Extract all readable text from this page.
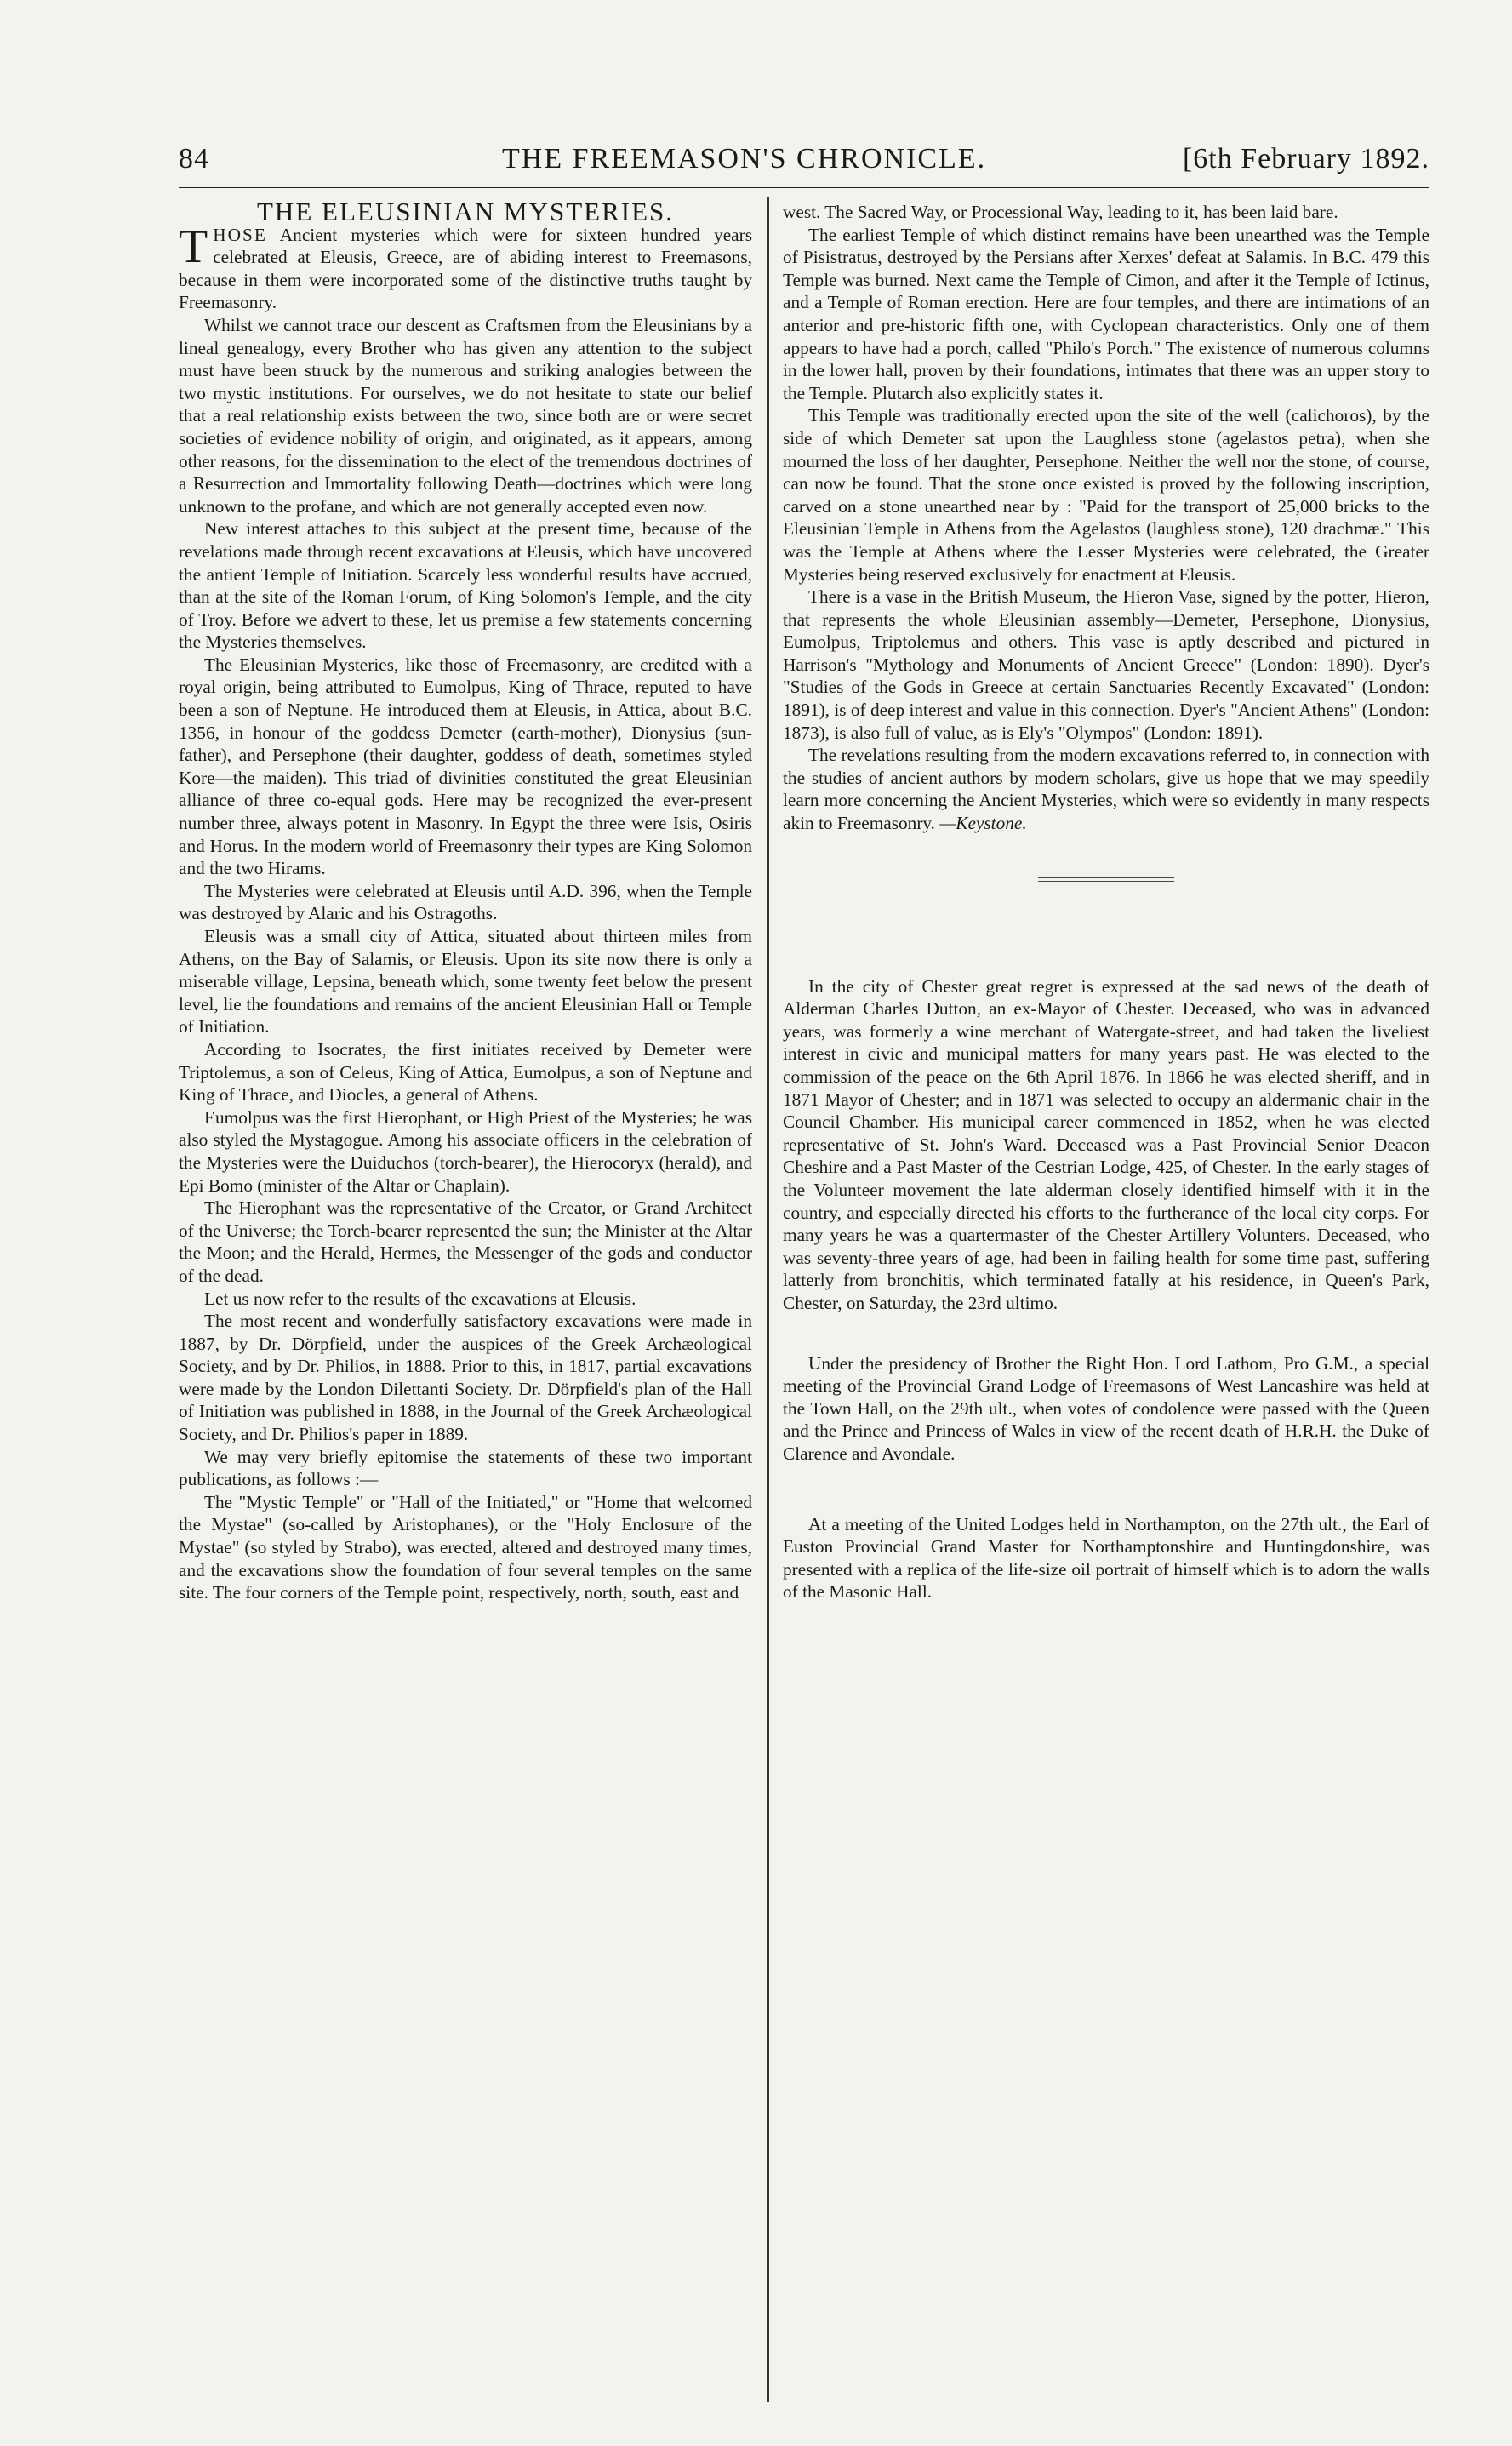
84	THE FREEMASON'S CHRONICLE.	[6th February 1892.

THE ELEUSINIAN MYSTERIES.

THOSE Ancient mysteries which were for sixteen hundred years celebrated at Eleusis, Greece, are of abiding interest to Freemasons, because in them were incorporated some of the distinctive truths taught by Freemasonry.

Whilst we cannot trace our descent as Craftsmen from the Eleusinians by a lineal genealogy, every Brother who has given any attention to the subject must have been struck by the numerous and striking analogies between the two mystic institutions. For ourselves, we do not hesitate to state our belief that a real relationship exists between the two, since both are or were secret societies of evidence nobility of origin, and originated, as it appears, among other reasons, for the dissemination to the elect of the tremendous doctrines of a Resurrection and Immortality following Death—doctrines which were long unknown to the profane, and which are not generally accepted even now.

New interest attaches to this subject at the present time, because of the revelations made through recent excavations at Eleusis, which have uncovered the antient Temple of Initiation. Scarcely less wonderful results have accrued, than at the site of the Roman Forum, of King Solomon's Temple, and the city of Troy. Before we advert to these, let us premise a few statements concerning the Mysteries themselves.

The Eleusinian Mysteries, like those of Freemasonry, are credited with a royal origin, being attributed to Eumolpus, King of Thrace, reputed to have been a son of Neptune. He introduced them at Eleusis, in Attica, about B.C. 1356, in honour of the goddess Demeter (earth-mother), Dionysius (sun-father), and Persephone (their daughter, goddess of death, sometimes styled Kore—the maiden). This triad of divinities constituted the great Eleusinian alliance of three co-equal gods. Here may be recognized the ever-present number three, always potent in Masonry. In Egypt the three were Isis, Osiris and Horus. In the modern world of Freemasonry their types are King Solomon and the two Hirams.

The Mysteries were celebrated at Eleusis until A.D. 396, when the Temple was destroyed by Alaric and his Ostragoths.

Eleusis was a small city of Attica, situated about thirteen miles from Athens, on the Bay of Salamis, or Eleusis. Upon its site now there is only a miserable village, Lepsina, beneath which, some twenty feet below the present level, lie the foundations and remains of the ancient Eleusinian Hall or Temple of Initiation.

According to Isocrates, the first initiates received by Demeter were Triptolemus, a son of Celeus, King of Attica, Eumolpus, a son of Neptune and King of Thrace, and Diocles, a general of Athens.

Eumolpus was the first Hierophant, or High Priest of the Mysteries; he was also styled the Mystagogue. Among his associate officers in the celebration of the Mysteries were the Duiduchos (torch-bearer), the Hierocoryx (herald), and Epi Bomo (minister of the Altar or Chaplain).

The Hierophant was the representative of the Creator, or Grand Architect of the Universe; the Torch-bearer represented the sun; the Minister at the Altar the Moon; and the Herald, Hermes, the Messenger of the gods and conductor of the dead.

Let us now refer to the results of the excavations at Eleusis.

The most recent and wonderfully satisfactory excavations were made in 1887, by Dr. Dörpfield, under the auspices of the Greek Archæological Society, and by Dr. Philios, in 1888. Prior to this, in 1817, partial excavations were made by the London Dilettanti Society. Dr. Dörpfield's plan of the Hall of Initiation was published in 1888, in the Journal of the Greek Archæological Society, and Dr. Philios's paper in 1889.

We may very briefly epitomise the statements of these two important publications, as follows :—

The "Mystic Temple" or "Hall of the Initiated," or "Home that welcomed the Mystae" (so-called by Aristophanes), or the "Holy Enclosure of the Mystae" (so styled by Strabo), was erected, altered and destroyed many times, and the excavations show the foundation of four several temples on the same site. The four corners of the Temple point, respectively, north, south, east and

west. The Sacred Way, or Processional Way, leading to it, has been laid bare.

The earliest Temple of which distinct remains have been unearthed was the Temple of Pisistratus, destroyed by the Persians after Xerxes' defeat at Salamis. In B.C. 479 this Temple was burned. Next came the Temple of Cimon, and after it the Temple of Ictinus, and a Temple of Roman erection. Here are four temples, and there are intimations of an anterior and pre-historic fifth one, with Cyclopean characteristics. Only one of them appears to have had a porch, called "Philo's Porch." The existence of numerous columns in the lower hall, proven by their foundations, intimates that there was an upper story to the Temple. Plutarch also explicitly states it.

This Temple was traditionally erected upon the site of the well (calichoros), by the side of which Demeter sat upon the Laughless stone (agelastos petra), when she mourned the loss of her daughter, Persephone. Neither the well nor the stone, of course, can now be found. That the stone once existed is proved by the following inscription, carved on a stone unearthed near by : "Paid for the transport of 25,000 bricks to the Eleusinian Temple in Athens from the Agelastos (laughless stone), 120 drachmæ." This was the Temple at Athens where the Lesser Mysteries were celebrated, the Greater Mysteries being reserved exclusively for enactment at Eleusis.

There is a vase in the British Museum, the Hieron Vase, signed by the potter, Hieron, that represents the whole Eleusinian assembly—Demeter, Persephone, Dionysius, Eumolpus, Triptolemus and others. This vase is aptly described and pictured in Harrison's "Mythology and Monuments of Ancient Greece" (London: 1890). Dyer's "Studies of the Gods in Greece at certain Sanctuaries Recently Excavated" (London: 1891), is of deep interest and value in this connection. Dyer's "Ancient Athens" (London: 1873), is also full of value, as is Ely's "Olympos" (London: 1891).

The revelations resulting from the modern excavations referred to, in connection with the studies of ancient authors by modern scholars, give us hope that we may speedily learn more concerning the Ancient Mysteries, which were so evidently in many respects akin to Freemasonry. —Keystone.

In the city of Chester great regret is expressed at the sad news of the death of Alderman Charles Dutton, an ex-Mayor of Chester. Deceased, who was in advanced years, was formerly a wine merchant of Watergate-street, and had taken the liveliest interest in civic and municipal matters for many years past. He was elected to the commission of the peace on the 6th April 1876. In 1866 he was elected sheriff, and in 1871 Mayor of Chester; and in 1871 was selected to occupy an aldermanic chair in the Council Chamber. His municipal career commenced in 1852, when he was elected representative of St. John's Ward. Deceased was a Past Provincial Senior Deacon Cheshire and a Past Master of the Cestrian Lodge, 425, of Chester. In the early stages of the Volunteer movement the late alderman closely identified himself with it in the country, and especially directed his efforts to the furtherance of the local city corps. For many years he was a quartermaster of the Chester Artillery Volunters. Deceased, who was seventy-three years of age, had been in failing health for some time past, suffering latterly from bronchitis, which terminated fatally at his residence, in Queen's Park, Chester, on Saturday, the 23rd ultimo.

Under the presidency of Brother the Right Hon. Lord Lathom, Pro G.M., a special meeting of the Provincial Grand Lodge of Freemasons of West Lancashire was held at the Town Hall, on the 29th ult., when votes of condolence were passed with the Queen and the Prince and Princess of Wales in view of the recent death of H.R.H. the Duke of Clarence and Avondale.

At a meeting of the United Lodges held in Northampton, on the 27th ult., the Earl of Euston Provincial Grand Master for Northamptonshire and Huntingdonshire, was presented with a replica of the life-size oil portrait of himself which is to adorn the walls of the Masonic Hall.
